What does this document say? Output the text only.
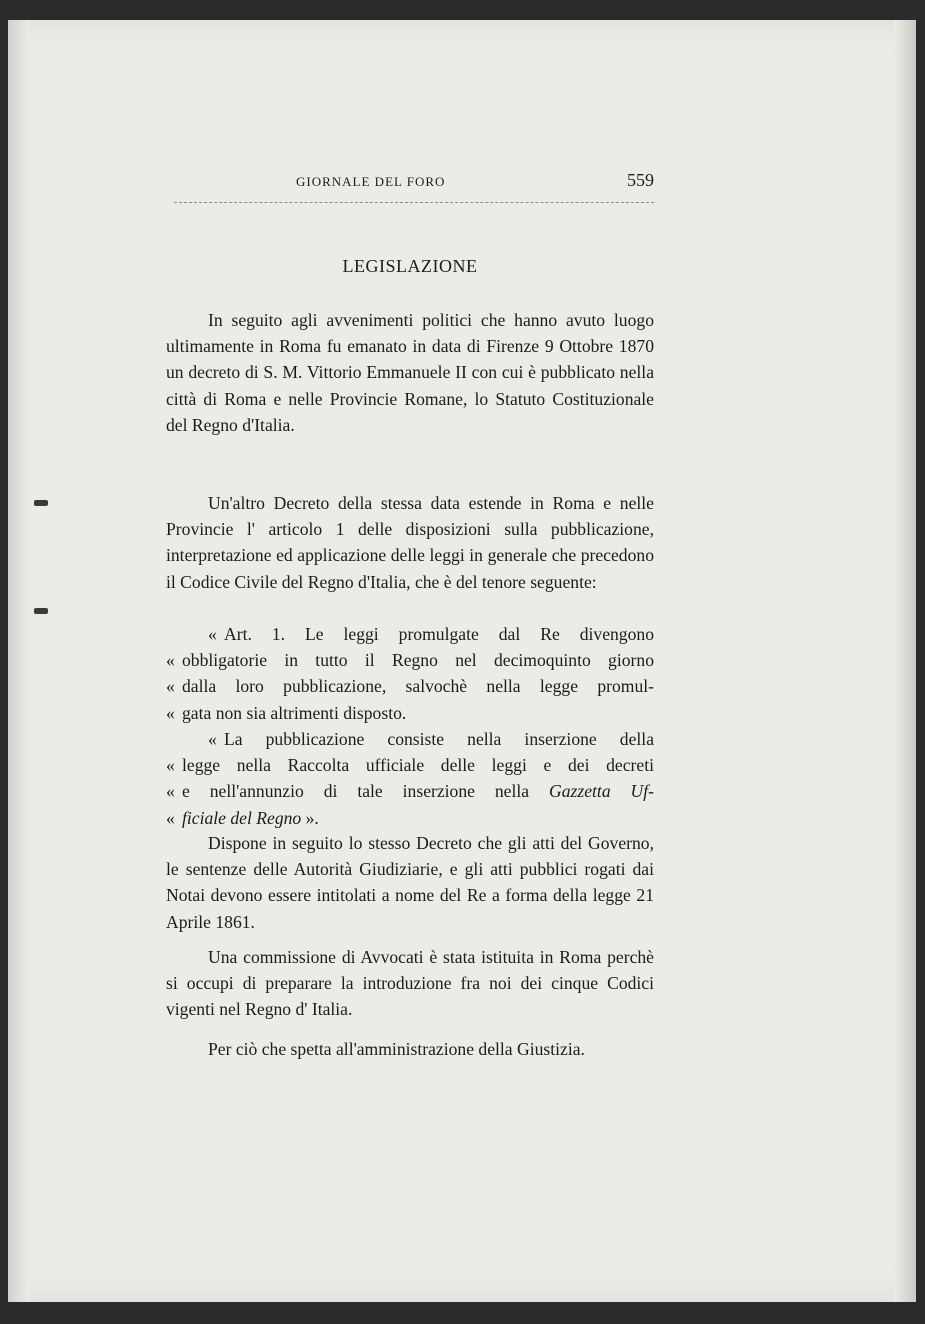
GIORNALE DEL FORO	559
LEGISLAZIONE

In seguito agli avvenimenti politici che hanno avuto luogo ultimamente in Roma fu emanato in data di Firenze 9 Ottobre 1870 un decreto di S. M. Vittorio Emmanuele II con cui è pubblicato nella città di Roma e nelle Provincie Romane, lo Statuto Costituzionale del Regno d'Italia.

Un'altro Decreto della stessa data estende in Roma e nelle Provincie l' articolo 1 delle disposizioni sulla pubblicazione, interpretazione ed applicazione delle leggi in generale che precedono il Codice Civile del Regno d'Italia, che è del tenore seguente:

« Art. 1. Le leggi promulgate dal Re divengono
« obbligatorie in tutto il Regno nel decimoquinto giorno
« dalla loro pubblicazione, salvochè nella legge promul-
« gata non sia altrimenti disposto.
« La pubblicazione consiste nella inserzione della
« legge nella Raccolta ufficiale delle leggi e dei decreti
« e nell'annunzio di tale inserzione nella Gazzetta Uf-
« ficiale del Regno ».

Dispone in seguito lo stesso Decreto che gli atti del Governo, le sentenze delle Autorità Giudiziarie, e gli atti pubblici rogati dai Notai devono essere intitolati a nome del Re a forma della legge 21 Aprile 1861.

Una commissione di Avvocati è stata istituita in Roma perchè si occupi di preparare la introduzione fra noi dei cinque Codici vigenti nel Regno d' Italia.

Per ciò che spetta all'amministrazione della Giustizia.
